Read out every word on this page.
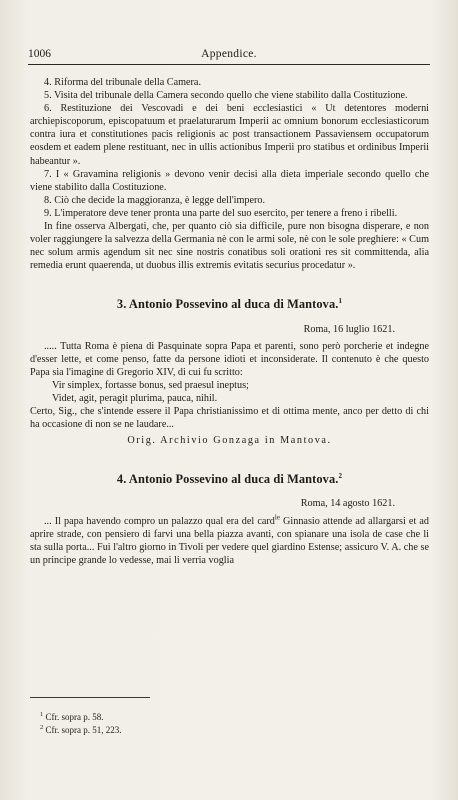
1006	Appendice.

4. Riforma del tribunale della Camera.

5. Visita del tribunale della Camera secondo quello che viene stabilito dalla Costituzione.

6. Restituzione dei Vescovadi e dei beni ecclesiastici « Ut detentores moderni archiepiscoporum, episcopatuum et praelaturarum Imperii ac omnium bonorum ecclesiasticorum contra iura et constitutiones pacis religionis ac post transactionem Passaviensem occupatorum eosdem et eadem plene restituant, nec in ullis actionibus Imperii pro statibus et ordinibus Imperii habeantur ».

7. I « Gravamina religionis » devono venir decisi alla dieta imperiale secondo quello che viene stabilito dalla Costituzione.

8. Ciò che decide la maggioranza, è legge dell'impero.

9. L'imperatore deve tener pronta una parte del suo esercito, per tenere a freno i ribelli.

In fine osserva Albergati, che, per quanto ciò sia difficile, pure non bisogna disperare, e non voler raggiungere la salvezza della Germania nè con le armi sole, nè con le sole preghiere: « Cum nec solum armis agendum sit nec sine nostris conatibus soli orationi res sit committenda, alia remedia erunt quaerenda, ut duobus illis extremis evitatis securius procedatur ».

3. Antonio Possevino al duca di Mantova.$^1$

Roma, 16 luglio 1621.

..... Tutta Roma è piena di Pasquinate sopra Papa et parenti, sono però porcherie et indegne d'esser lette, et come penso, fatte da persone idioti et inconsiderate. Il contenuto è che questo Papa sia l'imagine di Gregorio XIV, di cui fu scritto:

Vir simplex, fortasse bonus, sed praesul ineptus;

Videt, agit, peragit plurima, pauca, nihil.

Certo, Sig., che s'intende essere il Papa christianissimo et di ottima mente, anco per detto di chi ha occasione di non se ne laudare...

Orig. Archivio Gonzaga in Mantova.

4. Antonio Possevino al duca di Mantova.$^2$

Roma, 14 agosto 1621.

... Il papa havendo compro un palazzo qual era del card$^{le}$ Ginnasio attende ad allargarsi et ad aprire strade, con pensiero di farvi una bella piazza avanti, con spianare una isola de case che li sta sulla porta... Fui l'altro giorno in Tivoli per vedere quel giardino Estense; assicuro V. A. che se un principe grande lo vedesse, mai li verria voglia

$^1$ Cfr. sopra p. 58.
$^2$ Cfr. sopra p. 51, 223.
